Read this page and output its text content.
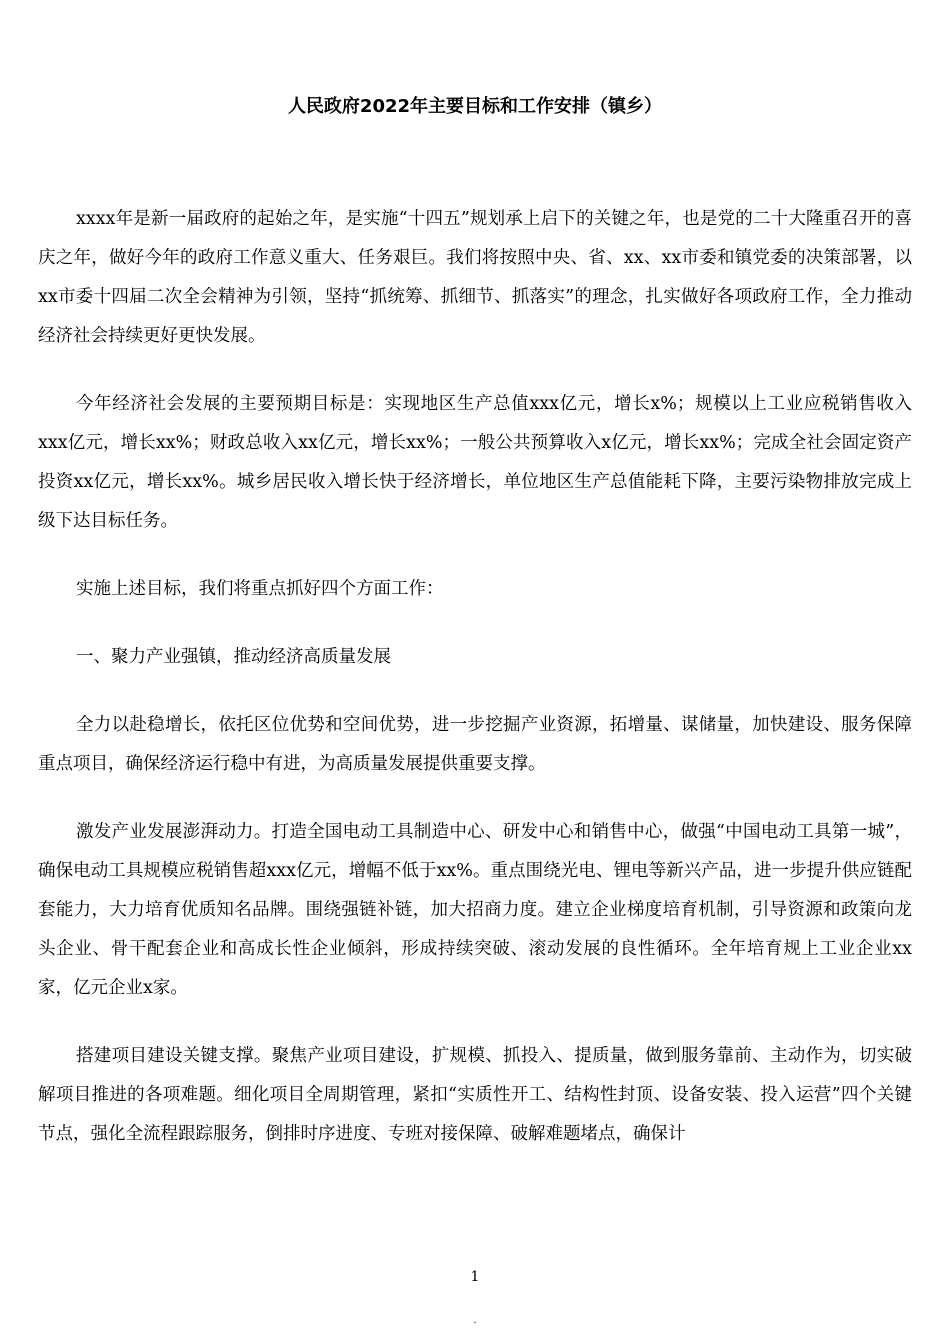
人民政府2022年主要目标和工作安排（镇乡）

xxxx年是新一届政府的起始之年，是实施“十四五”规划承上启下的关键之年，也是党的二十大隆重召开的喜庆之年，做好今年的政府工作意义重大、任务艰巨。我们将按照中央、省、xx、xx市委和镇党委的决策部署，以xx市委十四届二次全会精神为引领，坚持“抓统筹、抓细节、抓落实”的理念，扎实做好各项政府工作，全力推动经济社会持续更好更快发展。

今年经济社会发展的主要预期目标是：实现地区生产总值xxx亿元，增长x%；规模以上工业应税销售收入xxx亿元，增长xx%；财政总收入xx亿元，增长xx%；一般公共预算收入x亿元，增长xx%；完成全社会固定资产投资xx亿元，增长xx%。城乡居民收入增长快于经济增长，单位地区生产总值能耗下降，主要污染物排放完成上级下达目标任务。

实施上述目标，我们将重点抓好四个方面工作：

一、聚力产业强镇，推动经济高质量发展

全力以赴稳增长，依托区位优势和空间优势，进一步挖掘产业资源，拓增量、谋储量，加快建设、服务保障重点项目，确保经济运行稳中有进，为高质量发展提供重要支撑。

激发产业发展澎湃动力。打造全国电动工具制造中心、研发中心和销售中心，做强“中国电动工具第一城”，确保电动工具规模应税销售超xxx亿元，增幅不低于xx%。重点围绕光电、锂电等新兴产品，进一步提升供应链配套能力，大力培育优质知名品牌。围绕强链补链，加大招商力度。建立企业梯度培育机制，引导资源和政策向龙头企业、骨干配套企业和高成长性企业倾斜，形成持续突破、滚动发展的良性循环。全年培育规上工业企业xx家，亿元企业x家。

搭建项目建设关键支撑。聚焦产业项目建设，扩规模、抓投入、提质量，做到服务靠前、主动作为，切实破解项目推进的各项难题。细化项目全周期管理，紧扣“实质性开工、结构性封顶、设备安装、投入运营”四个关键节点，强化全流程跟踪服务，倒排时序进度、专班对接保障、破解难题堵点，确保计

1
.
